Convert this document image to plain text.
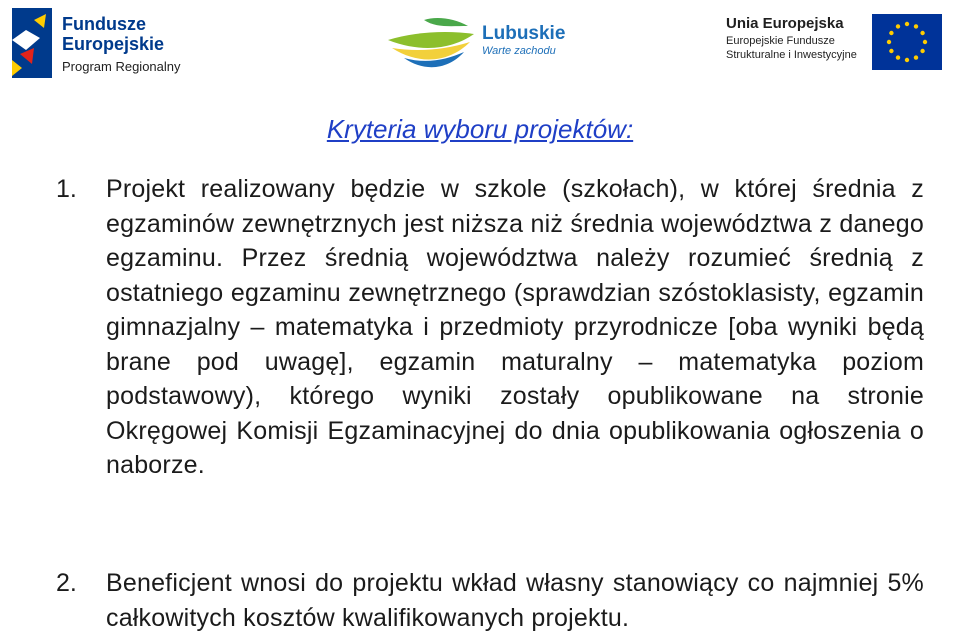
Fundusze
Europejskie
Program Regionalny
Lubuskie
Warte zachodu
Unia Europejska
Europejskie Fundusze
Strukturalne i Inwestycyjne
Kryteria wyboru projektów:
1.	Projekt realizowany będzie w szkole (szkołach), w której średnia z egzaminów zewnętrznych jest niższa niż średnia województwa z danego egzaminu. Przez średnią województwa należy rozumieć średnią z ostatniego egzaminu zewnętrznego (sprawdzian szóstoklasisty, egzamin gimnazjalny – matematyka i przedmioty przyrodnicze [oba wyniki będą brane pod uwagę], egzamin maturalny – matematyka poziom podstawowy), którego wyniki zostały opublikowane na stronie Okręgowej Komisji Egzaminacyjnej do dnia opublikowania ogłoszenia o naborze.
2.	Beneficjent wnosi do projektu wkład własny stanowiący co najmniej 5% całkowitych kosztów kwalifikowanych projektu.
